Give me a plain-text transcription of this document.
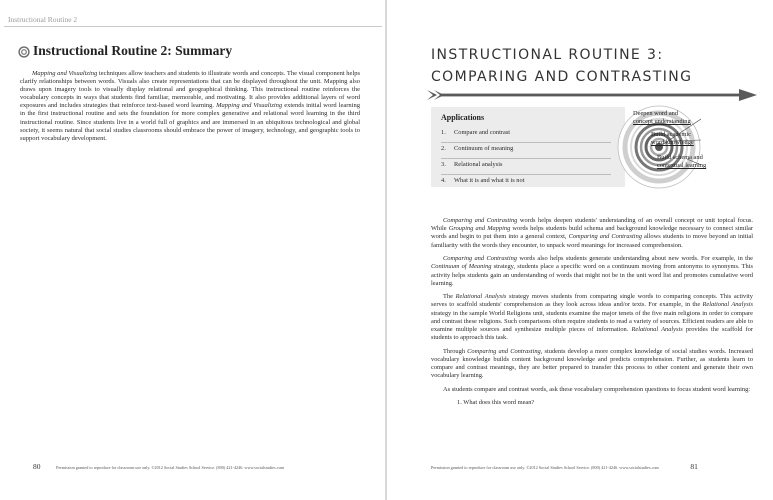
Instructional Routine 2
Instructional Routine 2: Summary

Mapping and Visualizing techniques allow teachers and students to illustrate words and concepts. The visual component helps clarify relationships between words. Visuals also create representations that can be displayed throughout the unit. Mapping also draws upon imagery tools to visually display relational and geographical thinking. This instructional routine reinforces the vocabulary concepts in ways that students find familiar, memorable, and motivating. It also provides additional layers of word exposures and includes strategies that reinforce text-based word learning. Mapping and Visualizing extends initial word learning in the first instructional routine and sets the foundation for more complex generative and relational word learning in the third instructional routine. Since students live in a world full of graphics and are immersed in an ubiquitous technological and global society, it seems natural that social studies classrooms should embrace the power of imagery, technology, and geographic tools to support vocabulary development.

80	Permission granted to reproduce for classroom use only. ©2012 Social Studies School Service. (800) 421-4246. www.socialstudies.com
INSTRUCTIONAL ROUTINE 3:
COMPARING AND CONTRASTING
Applications
1. Compare and contrast
2. Continuum of meaning
3. Relational analysis
4. What it is and what it is not
Deepen word and
concept understanding
Build academic
word knowledge
Build schema and
contextual learning

Comparing and Contrasting words helps deepen students' understanding of an overall concept or unit topical focus. While Grouping and Mapping words helps students build schema and background knowledge necessary to connect similar words and begin to put them into a general context, Comparing and Contrasting allows students to move beyond an initial familiarity with the words they encounter, to unpack word meanings for increased comprehension.

Comparing and Contrasting words also helps students generate understanding about new words. For example, in the Continuum of Meaning strategy, students place a specific word on a continuum moving from antonyms to synonyms. This activity helps students gain an understanding of words that might not be in the unit word list and promotes cumulative word learning.

The Relational Analysis strategy moves students from comparing single words to comparing concepts. This activity serves to scaffold students' comprehension as they look across ideas and/or texts. For example, in the Relational Analysis strategy in the sample World Religions unit, students examine the major tenets of the five main religions in order to compare and contrast these religions. Such comparisons often require students to read a variety of sources. Efficient readers are able to examine multiple sources and synthesize multiple pieces of information. Relational Analysis provides the scaffold for students to approach this task.

Through Comparing and Contrasting, students develop a more complex knowledge of social studies words. Increased vocabulary knowledge builds content background knowledge and predicts comprehension. Further, as students learn to compare and contrast meanings, they are better prepared to transfer this process to other content and generate their own vocabulary learning.

As students compare and contrast words, ask these vocabulary comprehension questions to focus student word learning:

1. What does this word mean?
Permission granted to reproduce for classroom use only. ©2012 Social Studies School Service. (800) 421-4246. www.socialstudies.com	81
